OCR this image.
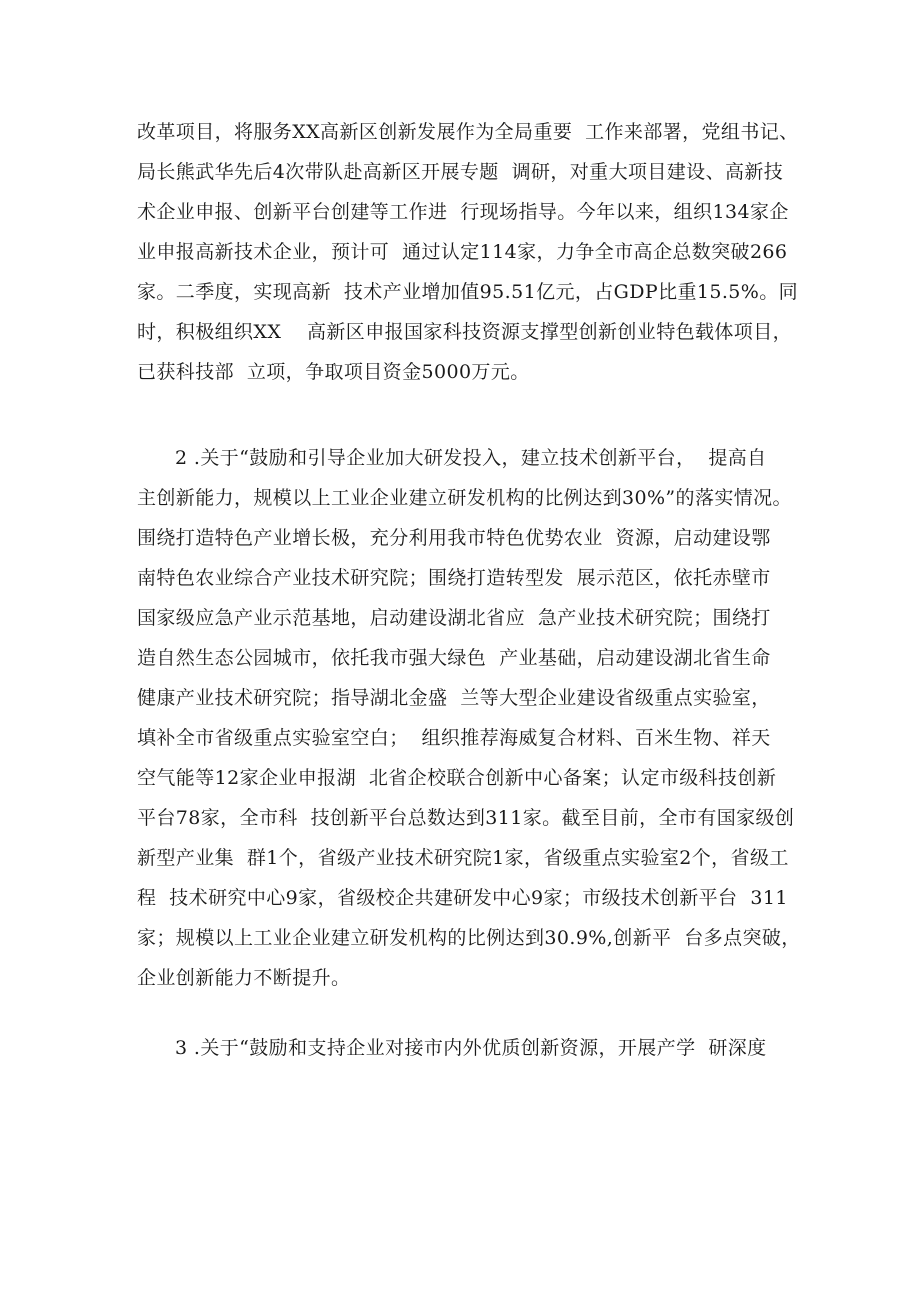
改革项目，将服务XX高新区创新发展作为全局重要  工作来部署，党组书记、
局长熊武华先后4次带队赴高新区开展专题  调研，对重大项目建设、高新技
术企业申报、创新平台创建等工作进  行现场指导。今年以来，组织134家企
业申报高新技术企业，预计可  通过认定114家，力争全市高企总数突破266
家。二季度，实现高新  技术产业增加值95.51亿元，占GDP比重15.5%。同
时，积极组织XX    高新区申报国家科技资源支撑型创新创业特色载体项目，
已获科技部  立项，争取项目资金5000万元。
2 .关于“鼓励和引导企业加大研发投入，建立技术创新平台，  提高自
主创新能力，规模以上工业企业建立研发机构的比例达到30%”的落实情况。
围绕打造特色产业增长极，充分利用我市特色优势农业  资源，启动建设鄂
南特色农业综合产业技术研究院；围绕打造转型发  展示范区，依托赤壁市
国家级应急产业示范基地，启动建设湖北省应  急产业技术研究院；围绕打
造自然生态公园城市，依托我市强大绿色  产业基础，启动建设湖北省生命
健康产业技术研究院；指导湖北金盛  兰等大型企业建设省级重点实验室，
填补全市省级重点实验室空白；  组织推荐海威复合材料、百米生物、祥天
空气能等12家企业申报湖  北省企校联合创新中心备案；认定市级科技创新
平台78家，全市科  技创新平台总数达到311家。截至目前，全市有国家级创
新型产业集  群1个，省级产业技术研究院1家，省级重点实验室2个，省级工
程  技术研究中心9家，省级校企共建研发中心9家；市级技术创新平台  311
家；规模以上工业企业建立研发机构的比例达到30.9%,创新平  台多点突破，
企业创新能力不断提升。
3 .关于“鼓励和支持企业对接市内外优质创新资源，开展产学  研深度
